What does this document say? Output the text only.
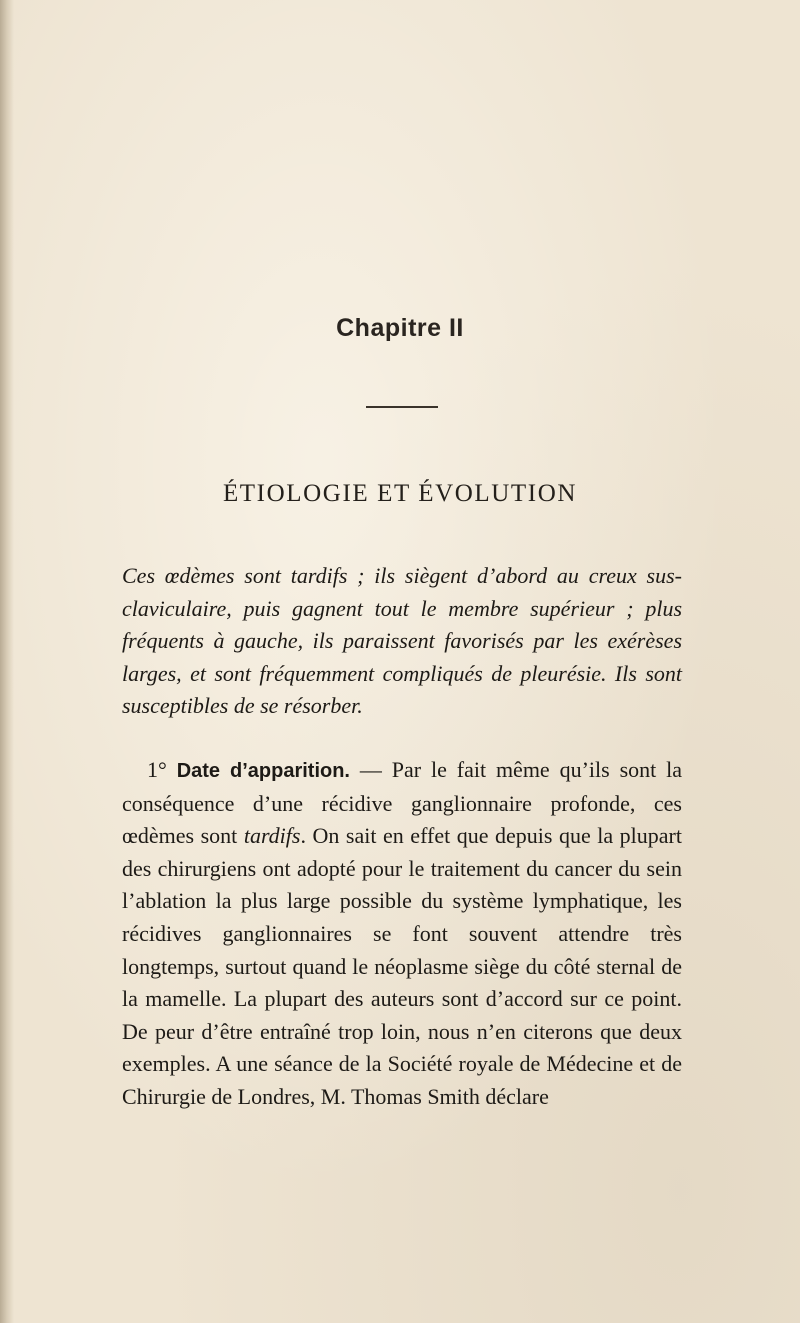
Chapitre II
ÉTIOLOGIE ET ÉVOLUTION
Ces œdèmes sont tardifs ; ils siègent d’abord au creux sus-claviculaire, puis gagnent tout le membre supérieur ; plus fréquents à gauche, ils paraissent favorisés par les exérèses larges, et sont fréquemment compliqués de pleurésie. Ils sont susceptibles de se résorber.
1° Date d’apparition. — Par le fait même qu’ils sont la conséquence d’une récidive ganglionnaire profonde, ces œdèmes sont tardifs. On sait en effet que depuis que la plupart des chirurgiens ont adopté pour le traitement du cancer du sein l’ablation la plus large possible du système lymphatique, les récidives ganglionnaires se font souvent attendre très longtemps, surtout quand le néoplasme siège du côté sternal de la mamelle. La plupart des auteurs sont d’accord sur ce point. De peur d’être entraîné trop loin, nous n’en citerons que deux exemples. A une séance de la Société royale de Médecine et de Chirurgie de Londres, M. Thomas Smith déclare
